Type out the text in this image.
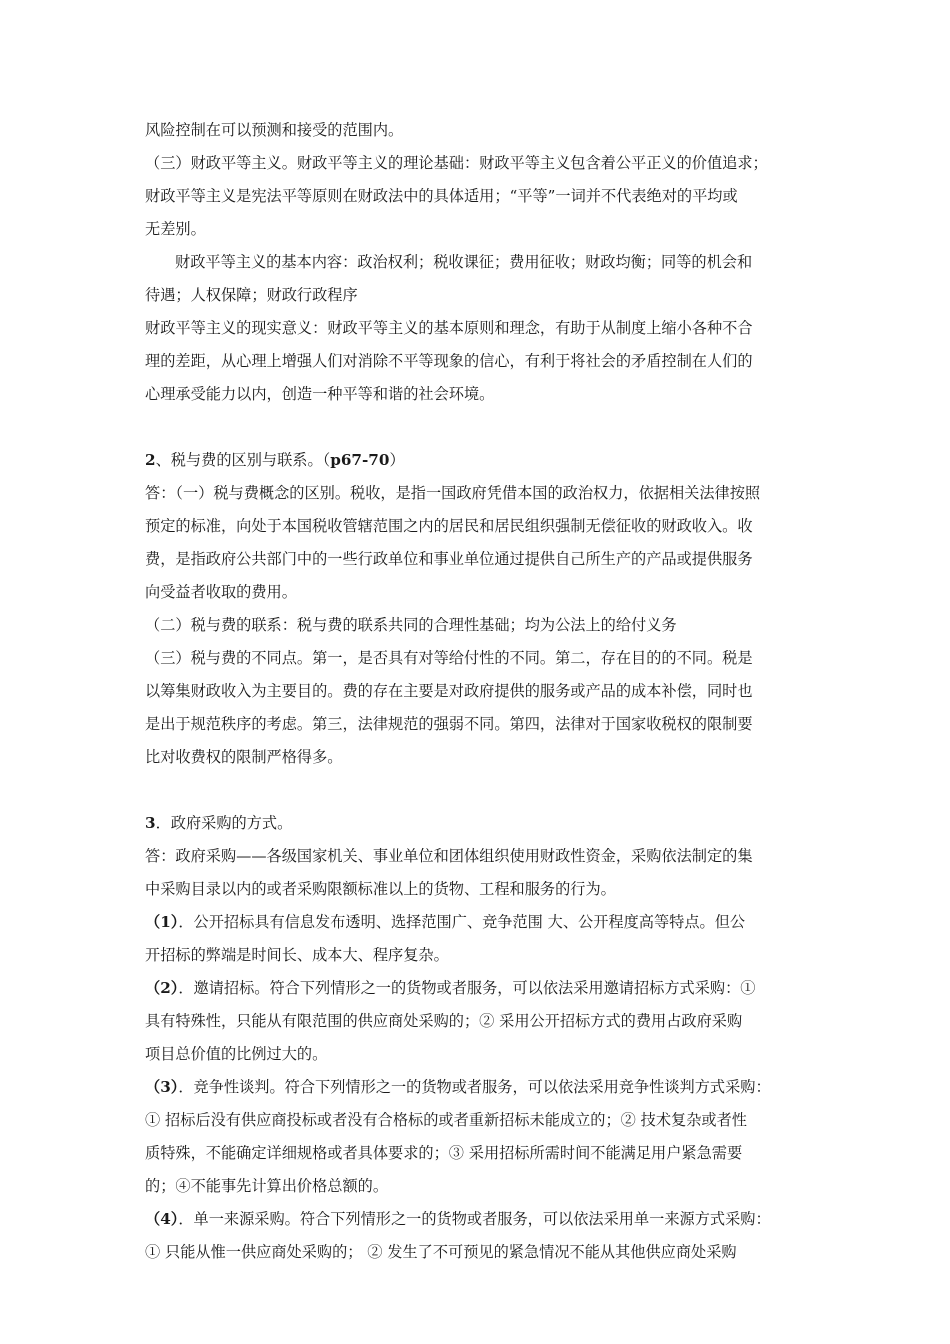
风险控制在可以预测和接受的范围内。
（三）财政平等主义。财政平等主义的理论基础：财政平等主义包含着公平正义的价值追求；
财政平等主义是宪法平等原则在财政法中的具体适用；“平等”一词并不代表绝对的平均或
无差别。
财政平等主义的基本内容：政治权利；税收课征；费用征收；财政均衡；同等的机会和
待遇；人权保障；财政行政程序
财政平等主义的现实意义：财政平等主义的基本原则和理念，有助于从制度上缩小各种不合
理的差距，从心理上增强人们对消除不平等现象的信心，有利于将社会的矛盾控制在人们的
心理承受能力以内，创造一种平等和谐的社会环境。
2、税与费的区别与联系。（p67-70）
答：（一）税与费概念的区别。税收，是指一国政府凭借本国的政治权力，依据相关法律按照
预定的标准，向处于本国税收管辖范围之内的居民和居民组织强制无偿征收的财政收入。收
费，是指政府公共部门中的一些行政单位和事业单位通过提供自己所生产的产品或提供服务
向受益者收取的费用。
（二）税与费的联系：税与费的联系共同的合理性基础；均为公法上的给付义务
（三）税与费的不同点。第一，是否具有对等给付性的不同。第二，存在目的的不同。税是
以筹集财政收入为主要目的。费的存在主要是对政府提供的服务或产品的成本补偿，同时也
是出于规范秩序的考虑。第三，法律规范的强弱不同。第四，法律对于国家收税权的限制要
比对收费权的限制严格得多。
3．政府采购的方式。
答：政府采购——各级国家机关、事业单位和团体组织使用财政性资金，采购依法制定的集
中采购目录以内的或者采购限额标准以上的货物、工程和服务的行为。
（1）．公开招标具有信息发布透明、选择范围广、竞争范围 大、公开程度高等特点。但公
开招标的弊端是时间长、成本大、程序复杂。
（2）．邀请招标。符合下列情形之一的货物或者服务，可以依法采用邀请招标方式采购：①
具有特殊性，只能从有限范围的供应商处采购的；② 采用公开招标方式的费用占政府采购
项目总价值的比例过大的。
（3）．竞争性谈判。符合下列情形之一的货物或者服务，可以依法采用竞争性谈判方式采购：
① 招标后没有供应商投标或者没有合格标的或者重新招标未能成立的；② 技术复杂或者性
质特殊，不能确定详细规格或者具体要求的；③ 采用招标所需时间不能满足用户紧急需要
的；④不能事先计算出价格总额的。
（4）．单一来源采购。符合下列情形之一的货物或者服务，可以依法采用单一来源方式采购：
① 只能从惟一供应商处采购的； ② 发生了不可预见的紧急情况不能从其他供应商处采购
